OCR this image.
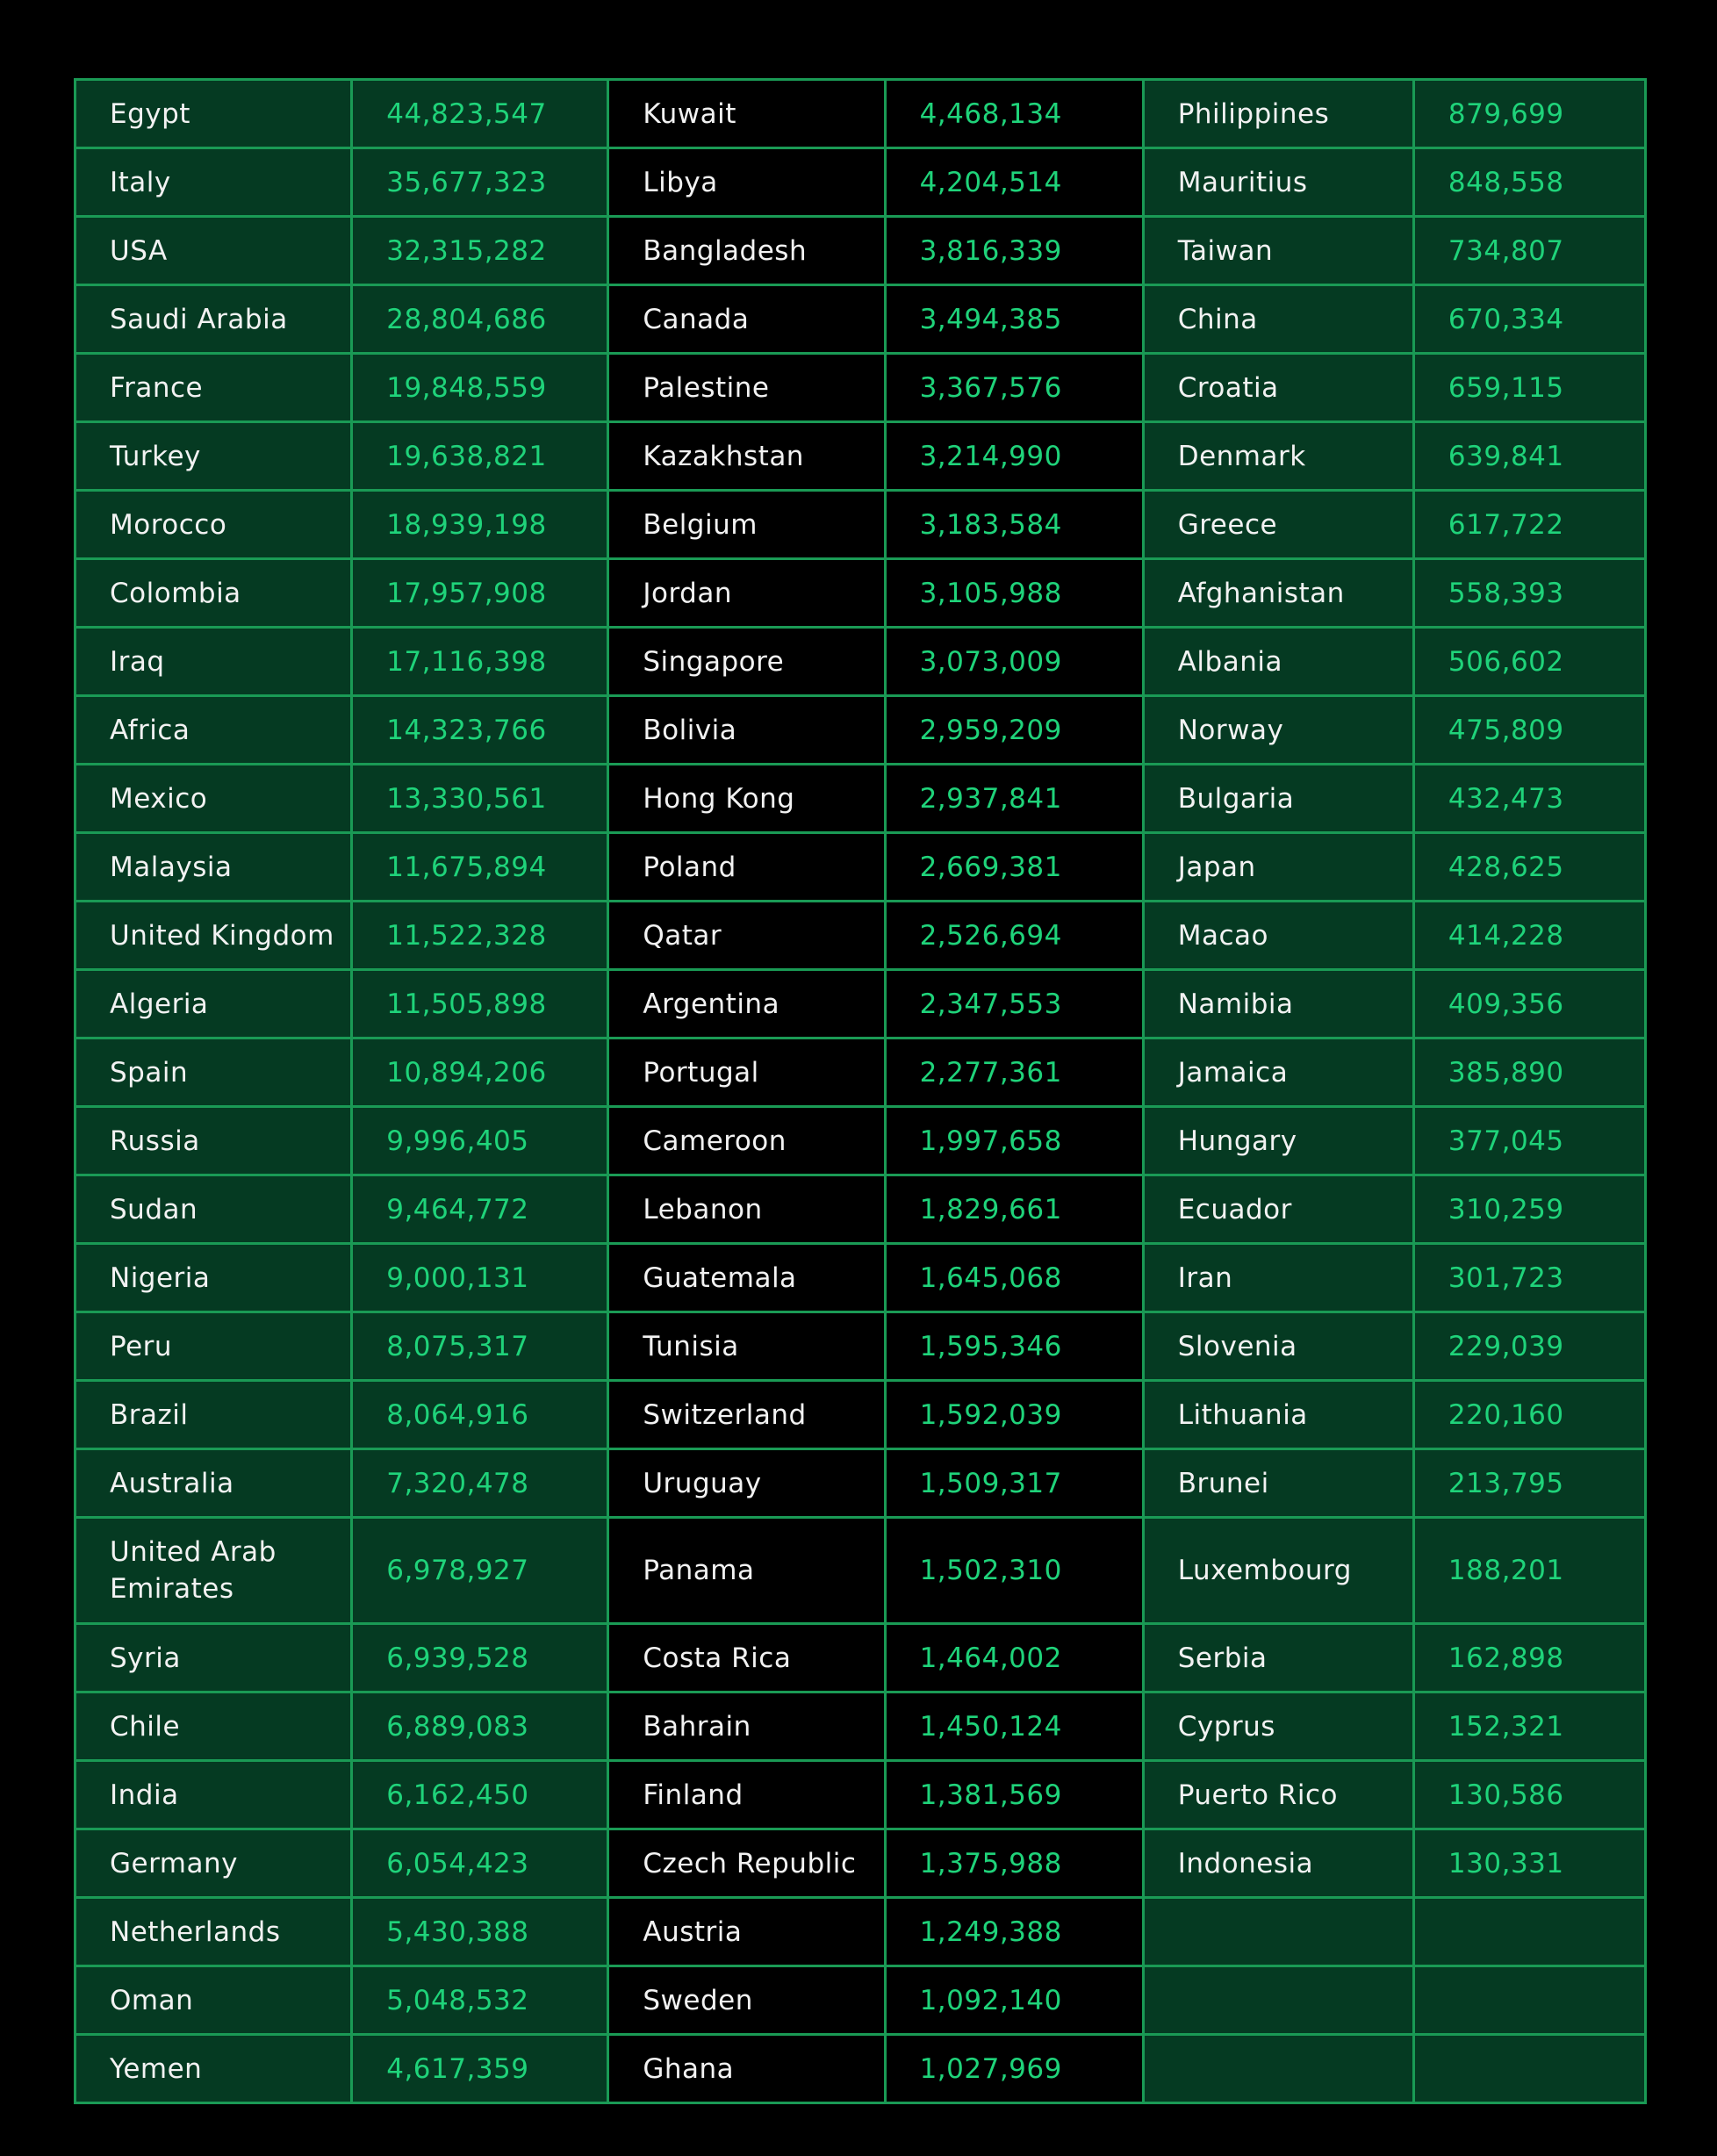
Egypt	44,823,547	Kuwait	4,468,134	Philippines	879,699
Italy	35,677,323	Libya	4,204,514	Mauritius	848,558
USA	32,315,282	Bangladesh	3,816,339	Taiwan	734,807
Saudi Arabia	28,804,686	Canada	3,494,385	China	670,334
France	19,848,559	Palestine	3,367,576	Croatia	659,115
Turkey	19,638,821	Kazakhstan	3,214,990	Denmark	639,841
Morocco	18,939,198	Belgium	3,183,584	Greece	617,722
Colombia	17,957,908	Jordan	3,105,988	Afghanistan	558,393
Iraq	17,116,398	Singapore	3,073,009	Albania	506,602
Africa	14,323,766	Bolivia	2,959,209	Norway	475,809
Mexico	13,330,561	Hong Kong	2,937,841	Bulgaria	432,473
Malaysia	11,675,894	Poland	2,669,381	Japan	428,625
United Kingdom	11,522,328	Qatar	2,526,694	Macao	414,228
Algeria	11,505,898	Argentina	2,347,553	Namibia	409,356
Spain	10,894,206	Portugal	2,277,361	Jamaica	385,890
Russia	9,996,405	Cameroon	1,997,658	Hungary	377,045
Sudan	9,464,772	Lebanon	1,829,661	Ecuador	310,259
Nigeria	9,000,131	Guatemala	1,645,068	Iran	301,723
Peru	8,075,317	Tunisia	1,595,346	Slovenia	229,039
Brazil	8,064,916	Switzerland	1,592,039	Lithuania	220,160
Australia	7,320,478	Uruguay	1,509,317	Brunei	213,795
United Arab Emirates	6,978,927	Panama	1,502,310	Luxembourg	188,201
Syria	6,939,528	Costa Rica	1,464,002	Serbia	162,898
Chile	6,889,083	Bahrain	1,450,124	Cyprus	152,321
India	6,162,450	Finland	1,381,569	Puerto Rico	130,586
Germany	6,054,423	Czech Republic	1,375,988	Indonesia	130,331
Netherlands	5,430,388	Austria	1,249,388		
Oman	5,048,532	Sweden	1,092,140		
Yemen	4,617,359	Ghana	1,027,969		
